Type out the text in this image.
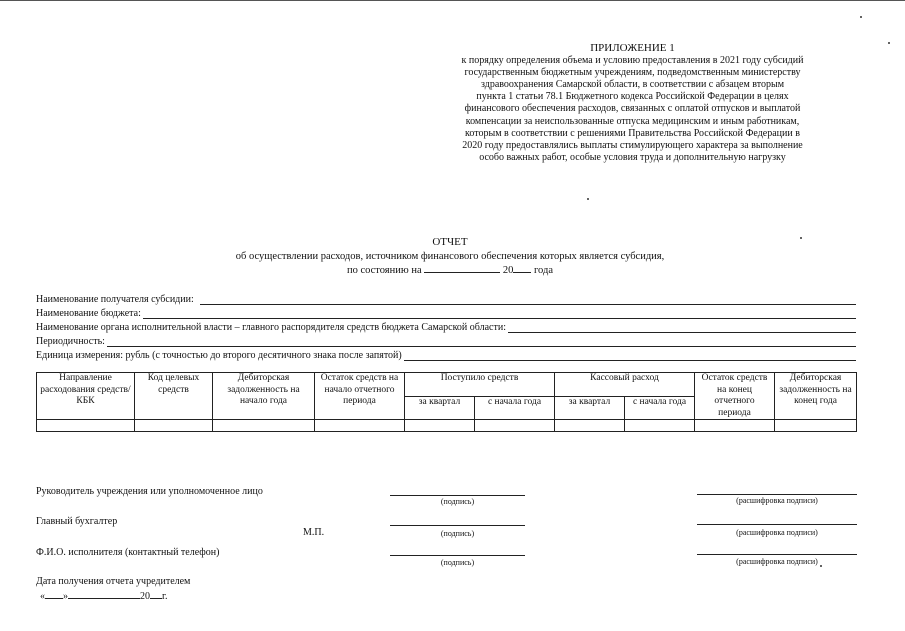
ПРИЛОЖЕНИЕ 1
к порядку определения объема и условию предоставления в 2021 году субсидий
государственным бюджетным учреждениям, подведомственным министерству
здравоохранения Самарской области, в соответствии с абзацем вторым
пункта 1 статьи 78.1 Бюджетного кодекса Российской Федерации в целях
финансового обеспечения расходов, связанных с оплатой отпусков и выплатой
компенсации за неиспользованные отпуска медицинским и иным работникам,
которым в соответствии с решениями Правительства Российской Федерации в
2020 году предоставлялись выплаты стимулирующего характера за выполнение
особо важных работ, особые условия труда и дополнительную нагрузку
ОТЧЕТ
об осуществлении расходов, источником финансового обеспечения которых является субсидия,
по состоянию на	20 года
Наименование получателя субсидии:
Наименование бюджета:
Наименование органа исполнительной власти – главного распорядителя средств бюджета Самарской области:
Периодичность:
Единица измерения: рубль (с точностью до второго десятичного знака после запятой)
Направление расходования средств/КБК	Код целевых средств	Дебиторская задолженность на начало года	Остаток средств на начало отчетного периода	Поступило средств		Кассовый расход		Остаток средств на конец отчетного периода	Дебиторская задолженность на конец года
				за квартал	с начала года	за квартал	с начала года		

Руководитель учреждения или уполномоченное лицо
(подпись)	(расшифровка подписи)
Главный бухгалтер
М.П.	(подпись)	(расшифровка подписи)
Ф.И.О. исполнителя (контактный телефон)
(подпись)	(расшифровка подписи)
Дата получения отчета учредителем
« »	20 г.
